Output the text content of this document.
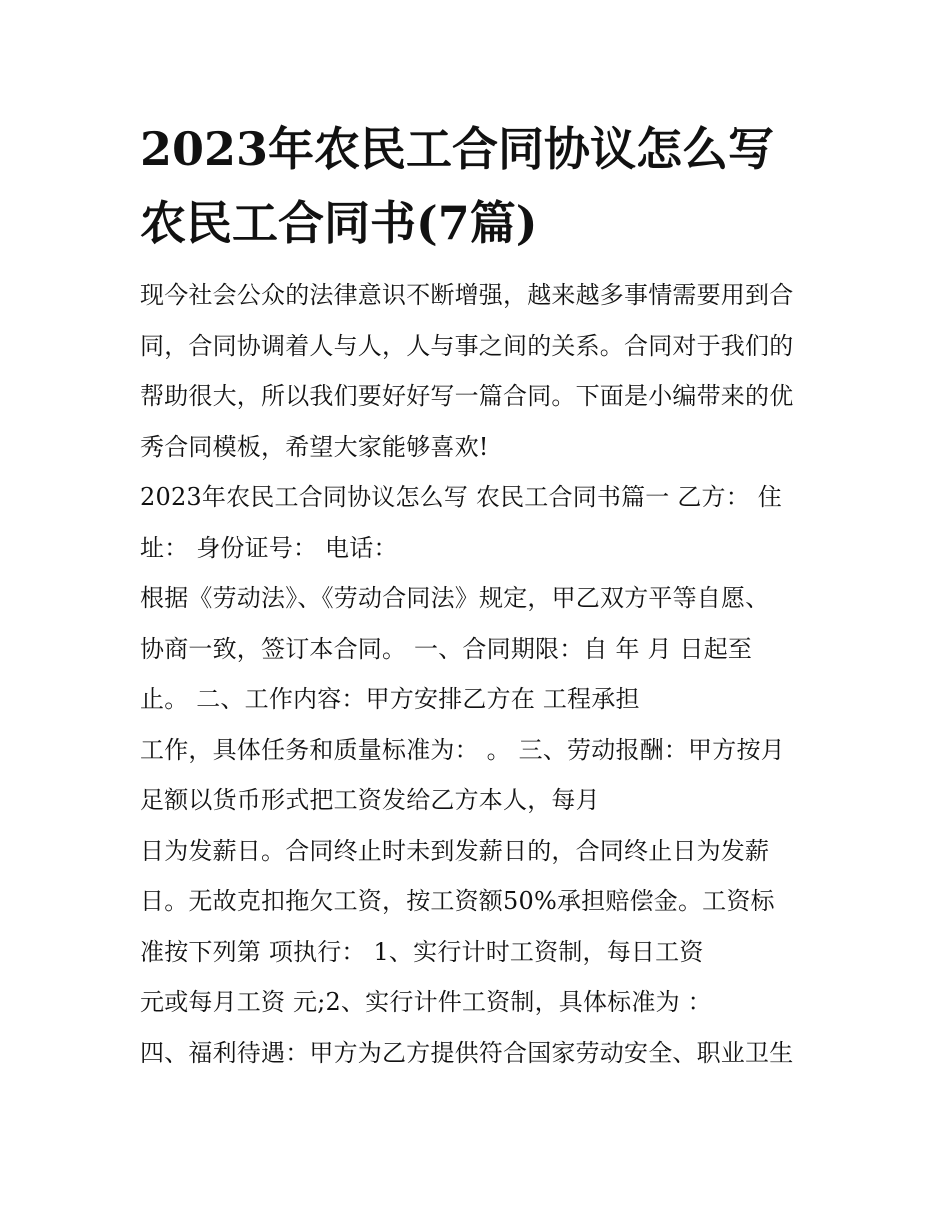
2023年农民工合同协议怎么写
农民工合同书(7篇)
现今社会公众的法律意识不断增强，越来越多事情需要用到合
同，合同协调着人与人，人与事之间的关系。合同对于我们的
帮助很大，所以我们要好好写一篇合同。下面是小编带来的优
秀合同模板，希望大家能够喜欢!
2023年农民工合同协议怎么写 农民工合同书篇一 乙方： 住
址： 身份证号： 电话：
根据《劳动法》、《劳动合同法》规定，甲乙双方平等自愿、
协商一致，签订本合同。 一、合同期限：自 年 月 日起至
止。 二、工作内容：甲方安排乙方在 工程承担
工作，具体任务和质量标准为： 。 三、劳动报酬：甲方按月
足额以货币形式把工资发给乙方本人，每月
日为发薪日。合同终止时未到发薪日的，合同终止日为发薪
日。无故克扣拖欠工资，按工资额50%承担赔偿金。工资标
准按下列第 项执行： 1、实行计时工资制，每日工资
元或每月工资 元;2、实行计件工资制，具体标准为 ：
四、福利待遇：甲方为乙方提供符合国家劳动安全、职业卫生
